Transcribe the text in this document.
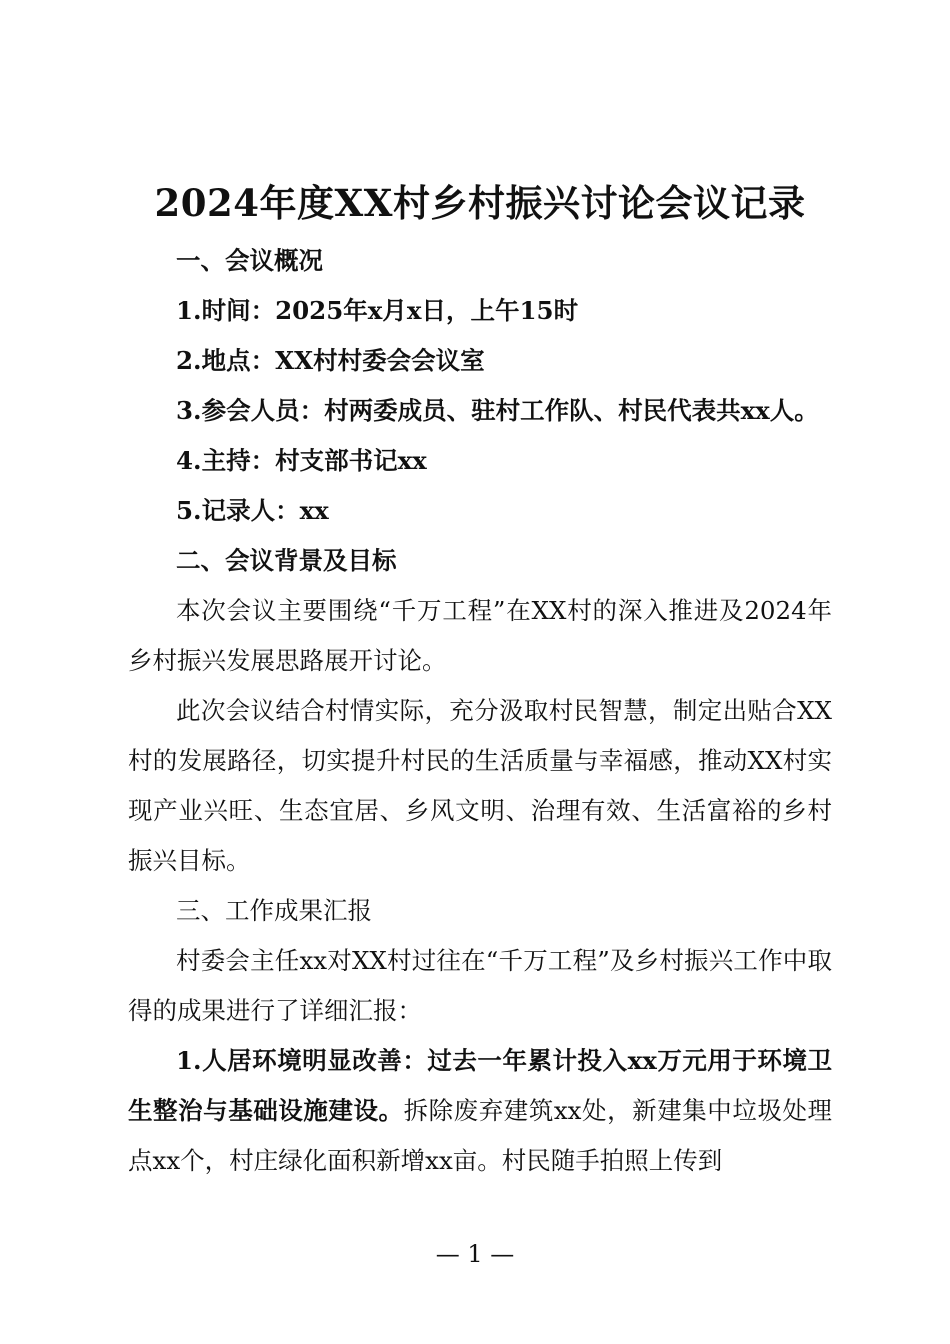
2024年度XX村乡村振兴讨论会议记录

一、会议概况

1.时间：2025年x月x日，上午15时

2.地点：XX村村委会会议室

3.参会人员：村两委成员、驻村工作队、村民代表共xx人。

4.主持：村支部书记xx

5.记录人：xx

二、会议背景及目标

本次会议主要围绕“千万工程”在XX村的深入推进及2024年乡村振兴发展思路展开讨论。

此次会议结合村情实际，充分汲取村民智慧，制定出贴合XX村的发展路径，切实提升村民的生活质量与幸福感，推动XX村实现产业兴旺、生态宜居、乡风文明、治理有效、生活富裕的乡村振兴目标。

三、工作成果汇报

村委会主任xx对XX村过往在“千万工程”及乡村振兴工作中取得的成果进行了详细汇报：

1.人居环境明显改善：过去一年累计投入xx万元用于环境卫生整治与基础设施建设。拆除废弃建筑xx处，新建集中垃圾处理点xx个，村庄绿化面积新增xx亩。村民随手拍照上传到

— 1 —
